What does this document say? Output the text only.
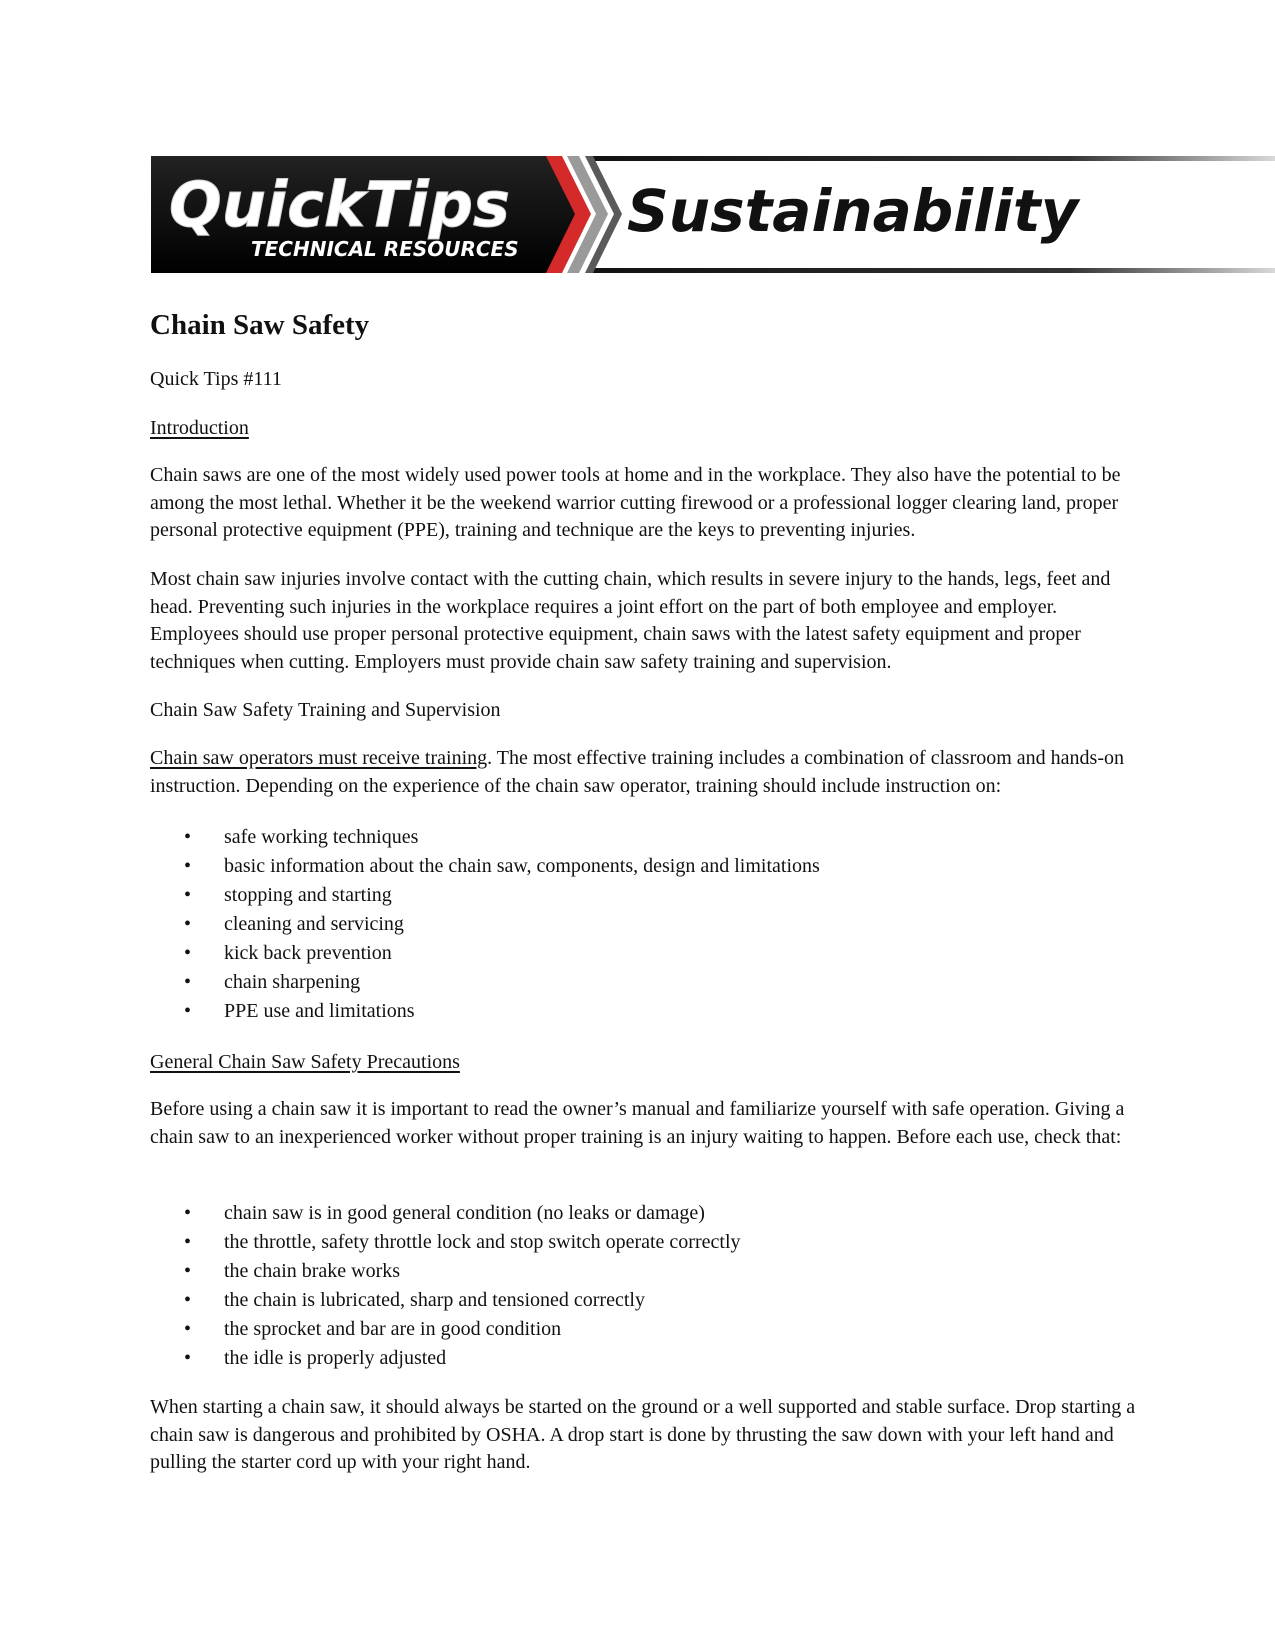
QuickTips
TECHNICAL RESOURCES
Sustainability
Chain Saw Safety

Quick Tips #111

Introduction

Chain saws are one of the most widely used power tools at home and in the workplace. They also have the potential to be among the most lethal. Whether it be the weekend warrior cutting firewood or a professional logger clearing land, proper personal protective equipment (PPE), training and technique are the keys to preventing injuries.

Most chain saw injuries involve contact with the cutting chain, which results in severe injury to the hands, legs, feet and head. Preventing such injuries in the workplace requires a joint effort on the part of both employee and employer. Employees should use proper personal protective equipment, chain saws with the latest safety equipment and proper techniques when cutting. Employers must provide chain saw safety training and supervision.

Chain Saw Safety Training and Supervision

Chain saw operators must receive training. The most effective training includes a combination of classroom and hands-on instruction. Depending on the experience of the chain saw operator, training should include instruction on:

• safe working techniques
• basic information about the chain saw, components, design and limitations
• stopping and starting
• cleaning and servicing
• kick back prevention
• chain sharpening
• PPE use and limitations

General Chain Saw Safety Precautions

Before using a chain saw it is important to read the owner’s manual and familiarize yourself with safe operation. Giving a chain saw to an inexperienced worker without proper training is an injury waiting to happen. Before each use, check that:

• chain saw is in good general condition (no leaks or damage)
• the throttle, safety throttle lock and stop switch operate correctly
• the chain brake works
• the chain is lubricated, sharp and tensioned correctly
• the sprocket and bar are in good condition
• the idle is properly adjusted

When starting a chain saw, it should always be started on the ground or a well supported and stable surface. Drop starting a chain saw is dangerous and prohibited by OSHA. A drop start is done by thrusting the saw down with your left hand and pulling the starter cord up with your right hand.
